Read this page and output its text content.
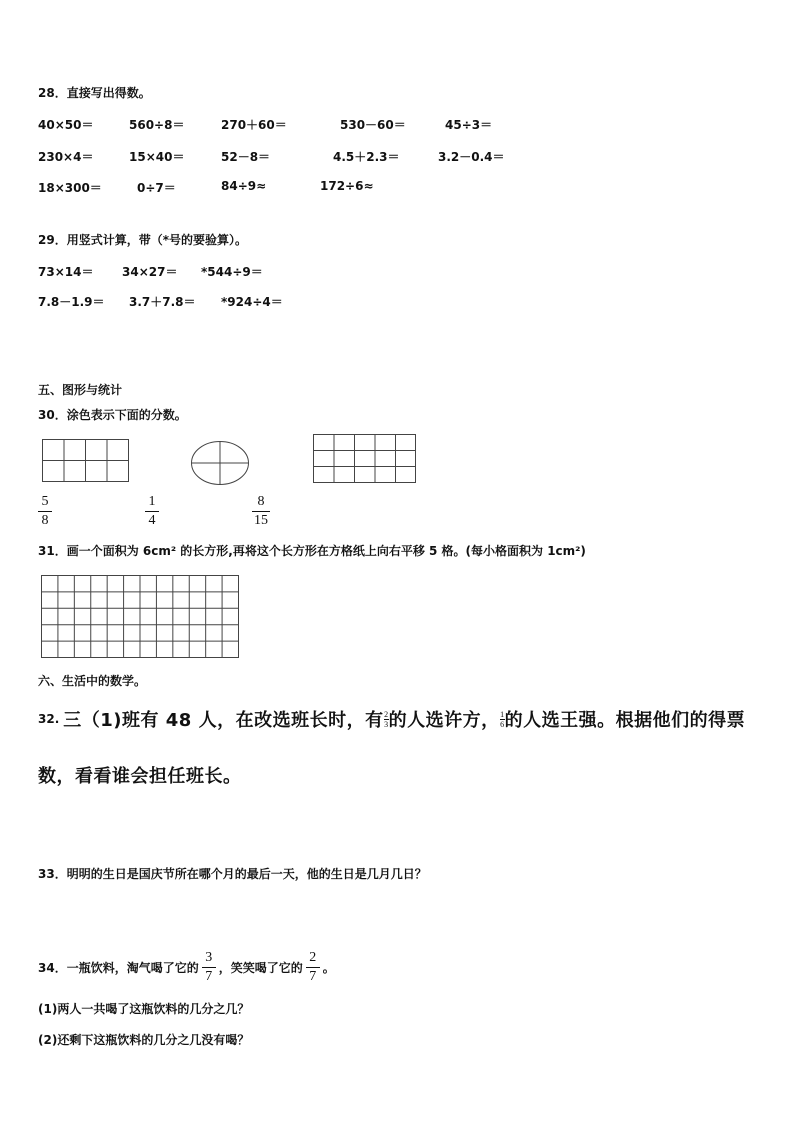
28．直接写出得数。
40×50＝	560÷8＝	270＋60＝	530－60＝	45÷3＝
230×4＝	15×40＝	52－8＝	4.5＋2.3＝	3.2－0.4＝
18×300＝	0÷7＝	84÷9≈	172÷6≈
29．用竖式计算，带（*号的要验算）。
73×14＝ 34×27＝ *544÷9＝
7.8－1.9＝ 3.7＋7.8＝ *924÷4＝
五、图形与统计
30．涂色表示下面的分数。
5
8
1
4
8
15
31．画一个面积为 6cm² 的长方形,再将这个长方形在方格纸上向右平移 5 格。(每小格面积为 1cm²)
六、生活中的数学。
32. 三（1)班有 48 人，在改选班长时，有 $\frac{2}{3}$ 的人选许方， $\frac{1}{6}$ 的人选王强。根据他们的得票
数，看看谁会担任班长。
33．明明的生日是国庆节所在哪个月的最后一天，他的生日是几月几日？
34．一瓶饮料，淘气喝了它的 $\frac{3}{7}$ ，笑笑喝了它的 $\frac{2}{7}$ 。
(1)两人一共喝了这瓶饮料的几分之几？
(2)还剩下这瓶饮料的几分之几没有喝？
